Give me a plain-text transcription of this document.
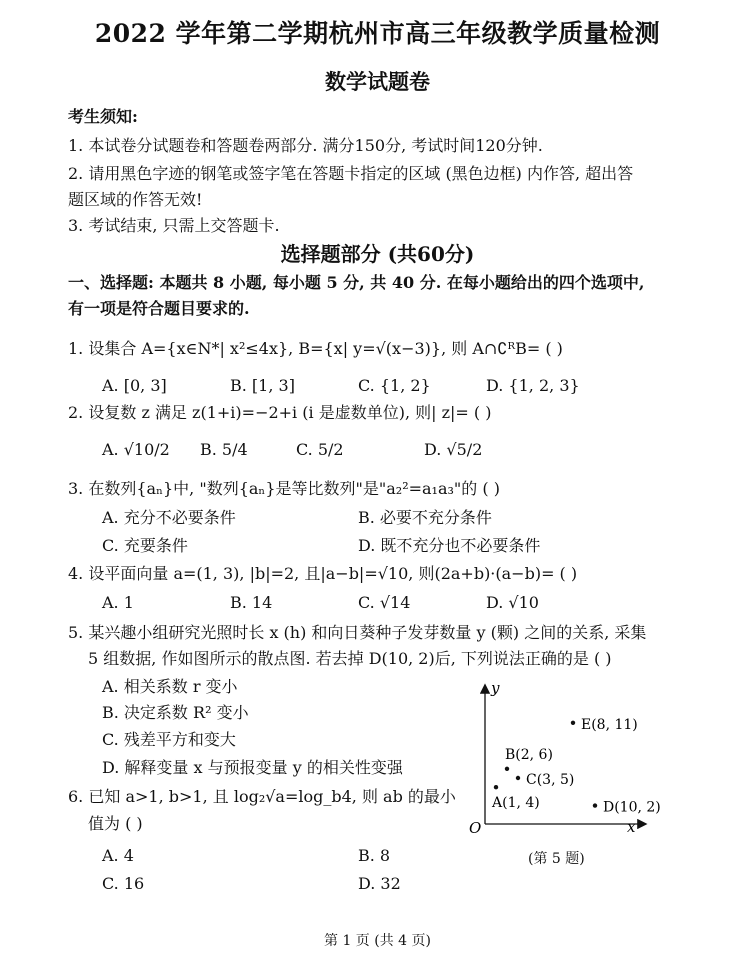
2022 学年第二学期杭州市高三年级教学质量检测
数学试题卷
考生须知:
1. 本试卷分试题卷和答题卷两部分. 满分150分, 考试时间120分钟.
2. 请用黑色字迹的钢笔或签字笔在答题卡指定的区域 (黑色边框) 内作答, 超出答
题区域的作答无效!
3. 考试结束, 只需上交答题卡.
选择题部分 (共60分)
一、选择题: 本题共 8 小题, 每小题 5 分, 共 40 分. 在每小题给出的四个选项中,
有一项是符合题目要求的.
1. 设集合 A={x∈N*| x²≤4x}, B={x| y=√(x−3)}, 则 A∩∁ᴿB= ( )
A. [0, 3]	B. [1, 3]	C. {1, 2}	D. {1, 2, 3}
2. 设复数 z 满足 z(1+i)=−2+i (i 是虚数单位), 则| z|= ( )
A. √10/2 B. 5/4	C. 5/2	D. √5/2
3. 在数列{aₙ}中, "数列{aₙ}是等比数列"是"a₂²=a₁a₃"的 ( )
A. 充分不必要条件	B. 必要不充分条件
C. 充要条件	D. 既不充分也不必要条件
4. 设平面向量 a=(1, 3), |b|=2, 且|a−b|=√10, 则(2a+b)·(a−b)= ( )
A. 1	B. 14	C. √14	D. √10
5. 某兴趣小组研究光照时长 x (h) 和向日葵种子发芽数量 y (颗) 之间的关系, 采集
5 组数据, 作如图所示的散点图. 若去掉 D(10, 2)后, 下列说法正确的是 ( )
A. 相关系数 r 变小
B. 决定系数 R² 变小
C. 残差平方和变大
D. 解释变量 x 与预报变量 y 的相关性变强
6. 已知 a>1, b>1, 且 log₂√a=log_b4, 则 ab 的最小
值为 ( )
A. 4	B. 8
C. 16	D. 32
y
x
O
A(1, 4)
B(2, 6)
C(3, 5)
D(10, 2)
E(8, 11)
(第 5 题)
第 1 页 (共 4 页)
